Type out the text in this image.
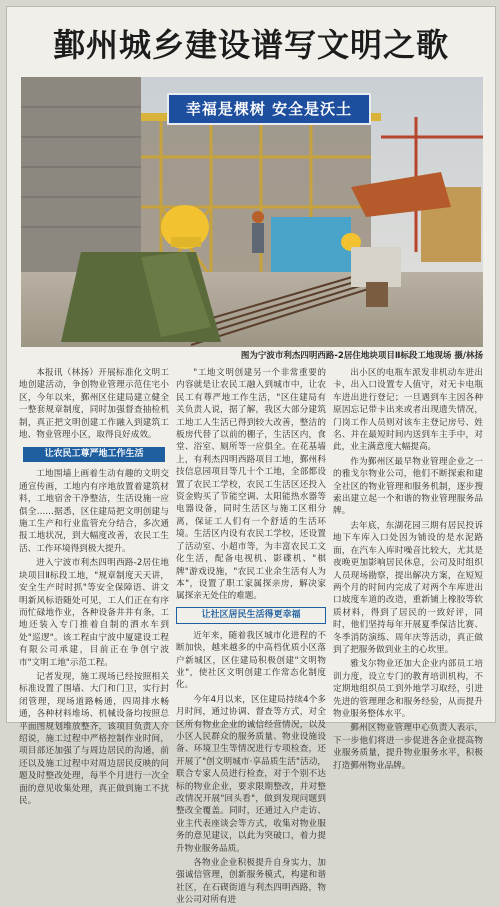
鄞州城乡建设谱写文明之歌
幸福是棵树 安全是沃土
图为宁波市利杰四明西路-2居住地块项目Ⅱ标段工地现场 摄/林扬

本报讯（林扬）开展标准化文明工地创建活动，争创物业管理示范住宅小区，今年以来，鄞州区住建局建立健全一整套规章制度，同时加强督查抽检机制，真正把文明创建工作融入到建筑工地、物业管理小区，取得良好成效。

让农民工尊严地工作生活

工地围墙上画着生动有趣的文明交通宣传画，工地内有序地放置着建筑材料，工地宿舍干净整洁，生活设施一应俱全……据悉，区住建局把文明创建与施工生产和行业监管充分结合，多次通报工地状况，到大幅度改善，农民工生活、工作环境得到极大提升。

进入宁波市利杰四明西路-2居住地块项目Ⅱ标段工地，"规章制度天天讲，安全生产时时抓"等安全保障语、讲文明新风标语随处可见，工人们正在有序而忙碌地作业，各种设备井井有条，工地还装入专门推着自制的洒水车到处"巡逻"。该工程由宁波中厦建设工程有限公司承建，目前正在争创宁波市"文明工地"示范工程。

记者发现，施工现场已经按照相关标准设置了围墙、大门和门卫，实行封闭管理，现场道路畅通，四周排水畅通，各种材料堆场、机械设备均按照总平面图规划堆放整齐，该项目负责人介绍说，施工过程中严格控制作业时间，项目部还加强了与周边居民的沟通，前还以及施工过程中对周边居民反映的问题及时整改处理，每半个月进行一次全面的意见收集处理，真正做到施工不扰民。

"工地文明创建另一个非常重要的内容就是让农民工融入到城市中，让农民工有尊严地工作生活，"区住建局有关负责人说，据了解，我区大部分建筑工地工人生活已得到较大改善，整洁的板房代替了以前的棚子，生活区内，食堂、浴室、厕所等一应俱全。在花基墙上，有利杰四明西路项目工地，鄞州科技信息园项目等几十个工地，全部都设置了农民工学校，农民工生活区还投入资金购买了节能空调、太阳能热水器等电器设备，同时生活区与施工区相分离，保证工人们有一个舒适的生活环境。生活区内设有农民工学校，还设置了活动室、小超市等，为丰富农民工文化生活，配备电视机、影碟机、"棋牌"游戏设施，"农民工业余生活有人为本"，设置了职工家属探亲房，解决家属探亲无处住的难题。

让社区居民生活得更幸福

近年来，随着我区城市化进程的不断加快，越来越多的中高档优质小区落户新城区，区住建局积极创建"文明物业"，使社区文明创建工作常态化制度化。

今年4月以来，区住建局持续4个多月时间，通过协调、督查等方式，对全区所有物业企业的诚信经营情况，以及小区人民群众的服务质量、物业设施设备、环境卫生等情况进行专项检查，还开展了"创文明城市·享品质生活"活动，联合专家人员进行检查，对于个别不达标的物业企业，要求限期整改，并对整改情况开展"回头看"，做到发现问题到整改全覆盖。同时，还通过入户走访、业主代表座谈会等方式，收集对物业服务的意见建议，以此为突破口，着力提升物业服务品质。

各物业企业积极提升自身实力，加强诚信管理，创新服务模式，构建和谐社区，在石碶街道与利杰四明西路，物业公司对所有进

出小区的电瓶车派发非机动车进出卡，出入口设置专人值守，对无卡电瓶车进出进行登记；一旦遇到车主因各种原因忘记带卡出来或者出现遗失情况，门岗工作人员则对该车主登记房号、姓名、并在最短时间内送到车主手中，对此，业主满意度大幅提高。

作为鄞州区最早物业管理企业之一的雅戈尔物业公司，他们不断探索和建全社区的物业管理和服务机制，逐步搜索出建立起一个和谐的物业管理服务品牌。

去年底，东湖花园三期有居民投诉地下车库入口处因为铺设的是水泥路面，在汽车入库时噪音比较大，尤其是夜晚更加影响居民休息，公司及时组织人员现场勘察，提出解决方案，在短短两个月的时间内完成了对两个车库进出口坡度车道的改造，重新铺上橡胶等软质材料，得到了居民的一致好评，同时，他们坚持每年开展夏季保洁比赛、冬季消防演练、周年庆等活动，真正做到了把服务做到业主的心坎里。

雅戈尔物业还加大企业内部员工培训力度，设立专门的教育培训机构，不定期地组织员工到外地学习取经，引进先进的管理理念和服务经验，从而提升物业服务整体水平。

鄞州区物业管理中心负责人表示，下一步他们将进一步促进各企业提高物业服务质量，提升物业服务水平，积极打造鄞州物业品牌。
